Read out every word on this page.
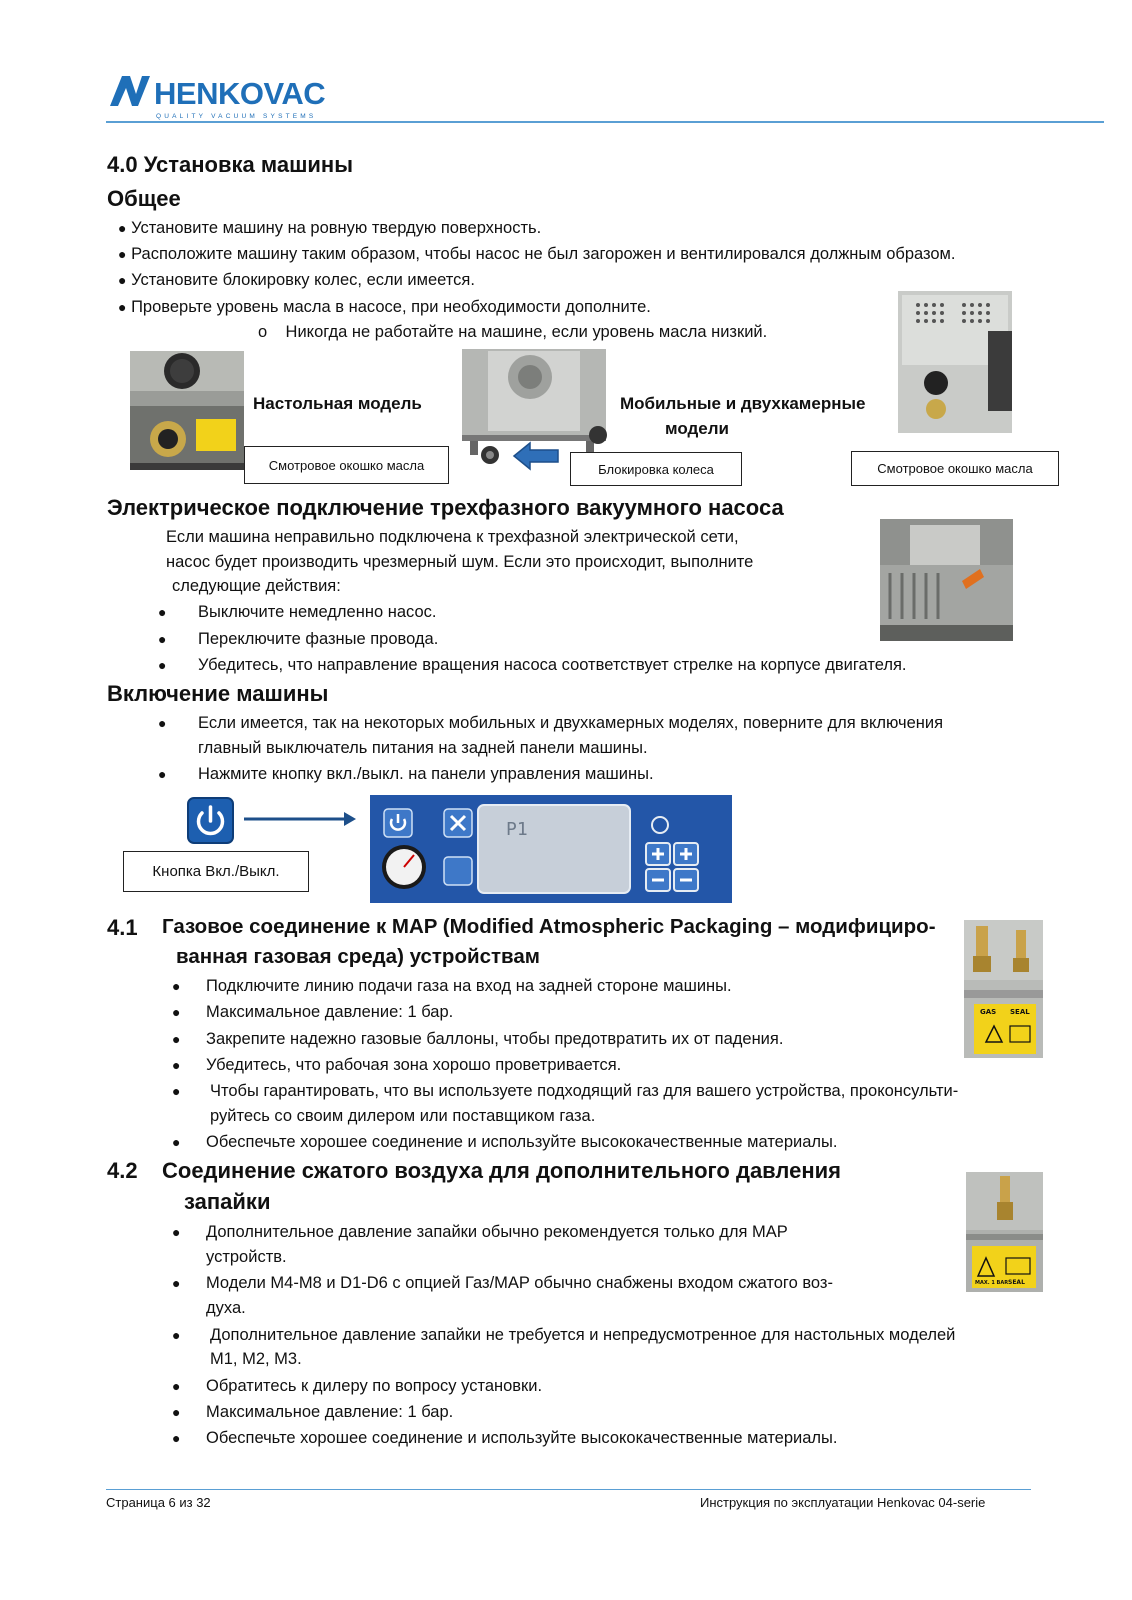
HENKOVAC
QUALITY VACUUM SYSTEMS
4.0 Установка машины
Общее
● Установите машину на ровную твердую поверхность.
● Расположите машину таким образом, чтобы насос не был загорожен и вентилировался должным образом.
● Установите блокировку колес, если имеется.
● Проверьте уровень масла в насосе, при необходимости дополните.
o Никогда не работайте на машине, если уровень масла низкий.
Настольная модель
Смотровое окошко масла
Мобильные и двухкамерные
модели
Блокировка колеса	Смотровое окошко масла
Электрическое подключение трехфазного вакуумного насоса
Если машина неправильно подключена к трехфазной электрической сети,
насос будет производить чрезмерный шум. Если это происходит, выполните
следующие действия:
● Выключите немедленно насос.
● Переключите фазные провода.
● Убедитесь, что направление вращения насоса соответствует стрелке на корпусе двигателя.
Включение машины
● Если имеется, так на некоторых мобильных и двухкамерных моделях, поверните для включения
главный выключатель питания на задней панели машины.
● Нажмите кнопку вкл./выкл. на панели управления машины.
Кнопка Вкл./Выкл.
P1
4.1 Газовое соединение к MAP (Modified Atmospheric Packaging – модифициро-
ванная газовая среда) устройствам
● Подключите линию подачи газа на вход на задней стороне машины.
● Максимальное давление: 1 бар.
● Закрепите надежно газовые баллоны, чтобы предотвратить их от падения.
● Убедитесь, что рабочая зона хорошо проветривается.
● Чтобы гарантировать, что вы используете подходящий газ для вашего устройства, проконсульти-
руйтесь со своим дилером или поставщиком газа.
● Обеспечьте хорошее соединение и используйте высококачественные материалы.
GAS SEAL
4.2 Соединение сжатого воздуха для дополнительного давления
запайки
● Дополнительное давление запайки обычно рекомендуется только для MAP
устройств.
● Модели M4-M8 и D1-D6 с опцией Газ/MAP обычно снабжены входом сжатого воз-
духа.
● Дополнительное давление запайки не требуется и непредусмотренное для настольных моделей
M1, M2, M3.
● Обратитесь к дилеру по вопросу установки.
● Максимальное давление: 1 бар.
● Обеспечьте хорошее соединение и используйте высококачественные материалы.
MAX. 1 BAR SEAL
Страница 6 из 32	Инструкция по эксплуатации Henkovac 04-serie
